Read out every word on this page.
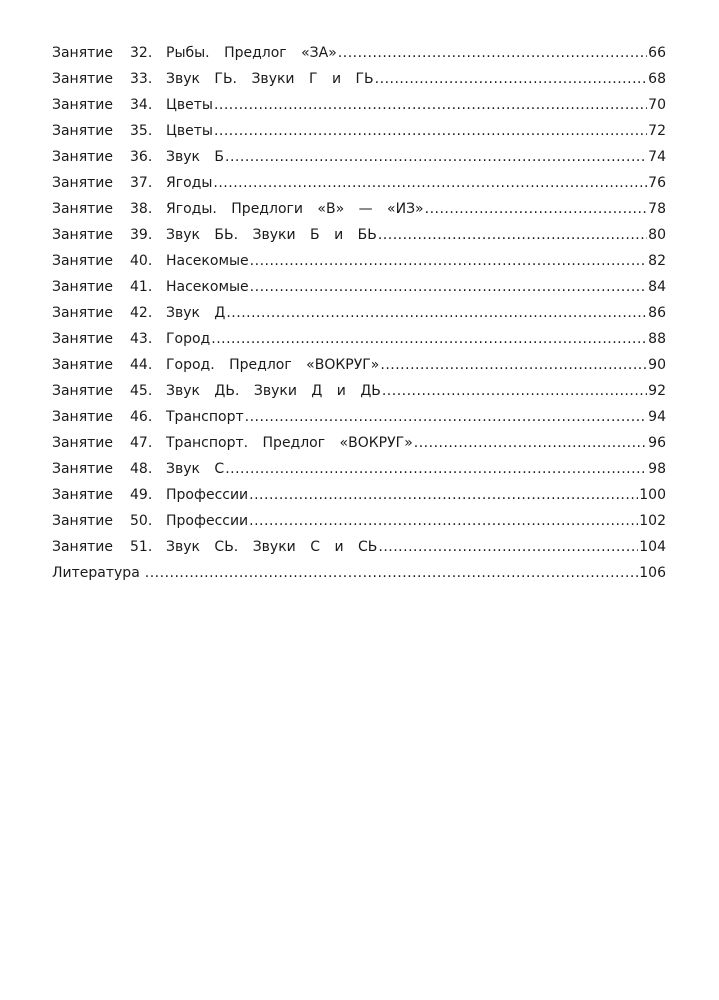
Занятие 32. Рыбы. Предлог «ЗА» .....	66
Занятие 33. Звук ГЬ. Звуки Г и ГЬ .....	68
Занятие 34. Цветы .....	70
Занятие 35. Цветы .....	72
Занятие 36. Звук Б .....	74
Занятие 37. Ягоды .....	76
Занятие 38. Ягоды. Предлоги «В» — «ИЗ» .....	78
Занятие 39. Звук БЬ. Звуки Б и БЬ .....	80
Занятие 40. Насекомые .....	82
Занятие 41. Насекомые .....	84
Занятие 42. Звук Д .....	86
Занятие 43. Город .....	88
Занятие 44. Город. Предлог «ВОКРУГ» .....	90
Занятие 45. Звук ДЬ. Звуки Д и ДЬ .....	92
Занятие 46. Транспорт .....	94
Занятие 47. Транспорт. Предлог «ВОКРУГ» .....	96
Занятие 48. Звук С .....	98
Занятие 49. Профессии .....	100
Занятие 50. Профессии .....	102
Занятие 51. Звук СЬ. Звуки С и СЬ .....	104
Литература .....	106
